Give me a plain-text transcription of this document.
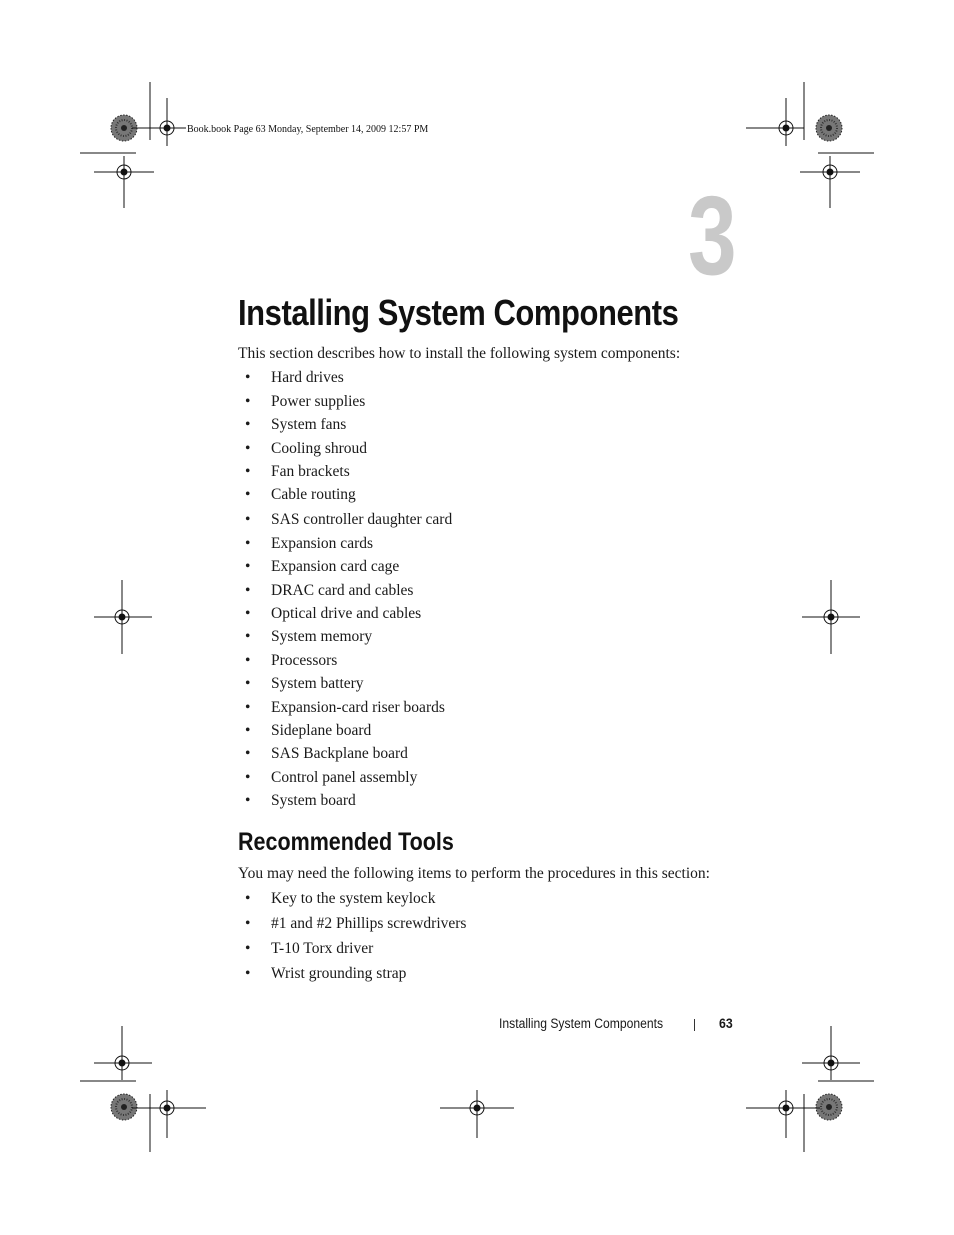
Book.book Page 63 Monday, September 14, 2009 12:57 PM
3
Installing System Components
This section describes how to install the following system components:
• Hard drives
• Power supplies
• System fans
• Cooling shroud
• Fan brackets
• Cable routing
• SAS controller daughter card
• Expansion cards
• Expansion card cage
• DRAC card and cables
• Optical drive and cables
• System memory
• Processors
• System battery
• Expansion-card riser boards
• Sideplane board
• SAS Backplane board
• Control panel assembly
• System board
Recommended Tools
You may need the following items to perform the procedures in this section:
• Key to the system keylock
• #1 and #2 Phillips screwdrivers
• T-10 Torx driver
• Wrist grounding strap
Installing System Components	63
